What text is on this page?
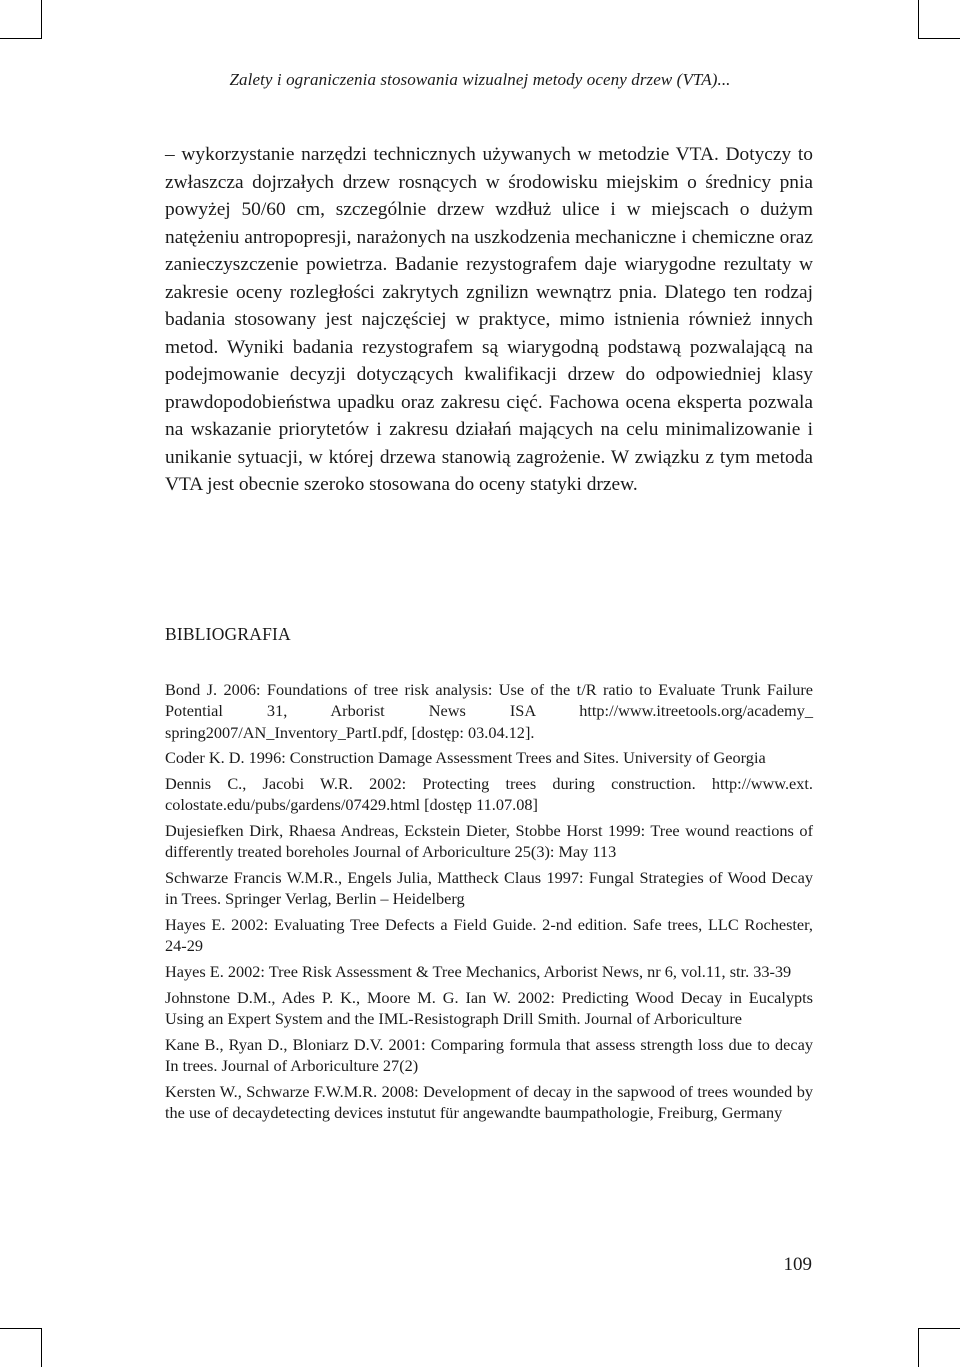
Zalety i ograniczenia stosowania wizualnej metody oceny drzew (VTA)...

– wykorzystanie narzędzi technicznych używanych w metodzie VTA. Dotyczy to zwłaszcza dojrzałych drzew rosnących w środowisku miejskim o średnicy pnia powyżej 50/60 cm, szczególnie drzew wzdłuż ulice i w miejscach o dużym natężeniu antropopresji, narażonych na uszkodzenia mechaniczne i chemiczne oraz zanieczyszczenie powietrza. Badanie rezystografem daje wiarygodne rezultaty w zakresie oceny rozległości zakrytych zgnilizn wewnątrz pnia. Dlatego ten rodzaj badania stosowany jest najczęściej w praktyce, mimo istnienia również innych metod. Wyniki badania rezystografem są wiarygodną podstawą pozwalającą na podejmowanie decyzji dotyczących kwalifikacji drzew do odpowiedniej klasy prawdopodobieństwa upadku oraz zakresu cięć. Fachowa ocena eksperta pozwala na wskazanie priorytetów i zakresu działań mających na celu minimalizowanie i unikanie sytuacji, w której drzewa stanowią zagrożenie. W związku z tym metoda VTA jest obecnie szeroko stosowana do oceny statyki drzew.

BIBLIOGRAFIA
Bond J. 2006: Foundations of tree risk analysis: Use of the t/R ratio to Evaluate Trunk Failure Potential 31, Arborist News ISA http://www.itreetools.org/academy_ spring2007/AN_Inventory_PartI.pdf, [dostęp: 03.04.12].
Coder K. D. 1996: Construction Damage Assessment Trees and Sites. University of Georgia
Dennis C., Jacobi W.R. 2002: Protecting trees during construction. http://www.ext. colostate.edu/pubs/gardens/07429.html [dostęp 11.07.08]
Dujesiefken Dirk, Rhaesa Andreas, Eckstein Dieter, Stobbe Horst 1999: Tree wound reactions of differently treated boreholes Journal of Arboriculture 25(3): May 113
Schwarze Francis W.M.R., Engels Julia, Mattheck Claus 1997: Fungal Strategies of Wood Decay in Trees. Springer Verlag, Berlin – Heidelberg
Hayes E. 2002: Evaluating Tree Defects a Field Guide. 2-nd edition. Safe trees, LLC Rochester, 24-29
Hayes E. 2002: Tree Risk Assessment & Tree Mechanics, Arborist News, nr 6, vol.11, str. 33-39
Johnstone D.M., Ades P. K., Moore M. G. Ian W. 2002: Predicting Wood Decay in Eucalypts Using an Expert System and the IML-Resistograph Drill Smith. Journal of Arboriculture
Kane B., Ryan D., Bloniarz D.V. 2001: Comparing formula that assess strength loss due to decay In trees. Journal of Arboriculture 27(2)
Kersten W., Schwarze F.W.M.R. 2008: Development of decay in the sapwood of trees wounded by the use of decaydetecting devices instutut für angewandte baumpathologie, Freiburg, Germany
109
